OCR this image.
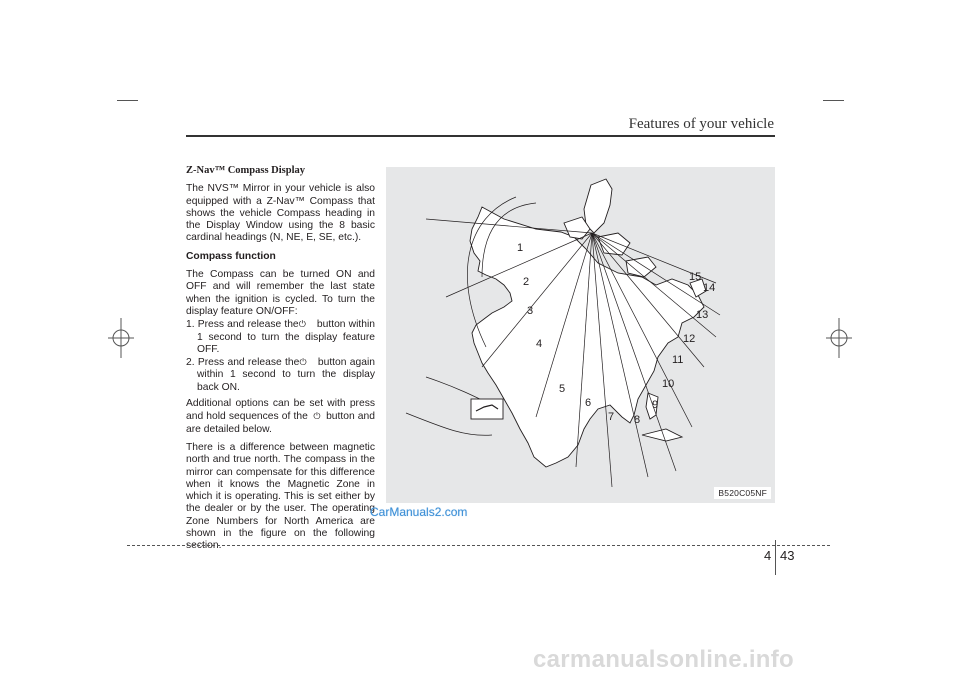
Features of your vehicle

Z-Nav™ Compass Display

The NVS™ Mirror in your vehicle is also equipped with a Z-Nav™ Compass that shows the vehicle Compass heading in the Display Window using the 8 basic cardinal headings (N, NE, E, SE, etc.).

Compass function

The Compass can be turned ON and OFF and will remember the last state when the ignition is cycled. To turn the display feature ON/OFF:

1. Press and release the ⏻ button within 1 second to turn the display feature OFF.
2. Press and release the ⏻ button again within 1 second to turn the display back ON.

Additional options can be set with press and hold sequences of the ⏻ button and are detailed below.

There is a difference between magnetic north and true north. The compass in the mirror can compensate for this difference when it knows the Magnetic Zone in which it is operating. This is set either by the dealer or by the user. The operating Zone Numbers for North America are shown in the figure on the following section.

1
2
3
4
5
6
7 8
9
10
11
12
13
14
15
B520C05NF
CarManuals2.com
4 43
carmanualsonline.info
